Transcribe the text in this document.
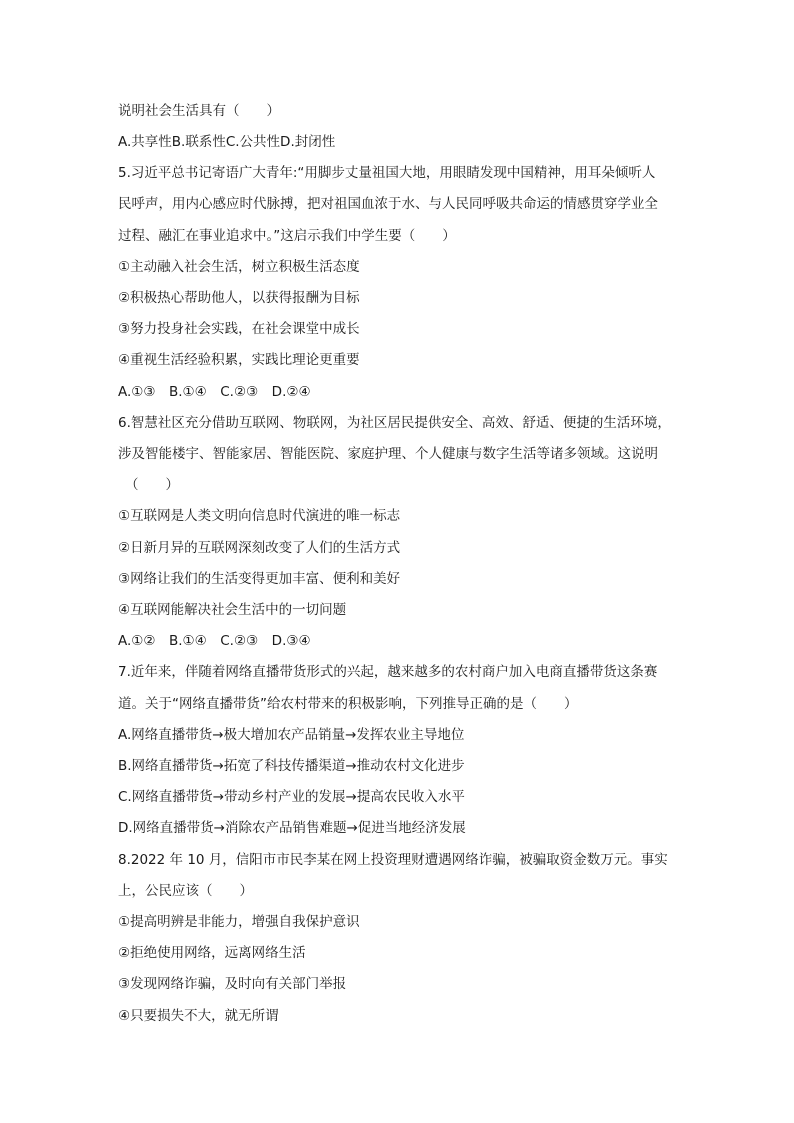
说明社会生活具有（　　）
A.共享性B.联系性C.公共性D.封闭性
5.习近平总书记寄语广大青年:“用脚步丈量祖国大地，用眼睛发现中国精神，用耳朵倾听人
民呼声，用内心感应时代脉搏，把对祖国血浓于水、与人民同呼吸共命运的情感贯穿学业全
过程、融汇在事业追求中。”这启示我们中学生要（　　）
①主动融入社会生活，树立积极生活态度
②积极热心帮助他人，以获得报酬为目标
③努力投身社会实践，在社会课堂中成长
④重视生活经验积累，实践比理论更重要
A.①③　B.①④　C.②③　D.②④
6.智慧社区充分借助互联网、物联网，为社区居民提供安全、高效、舒适、便捷的生活环境，
涉及智能楼宇、智能家居、智能医院、家庭护理、个人健康与数字生活等诸多领域。这说明
（　　）
①互联网是人类文明向信息时代演进的唯一标志
②日新月异的互联网深刻改变了人们的生活方式
③网络让我们的生活变得更加丰富、便利和美好
④互联网能解决社会生活中的一切问题
A.①②　B.①④　C.②③　D.③④
7.近年来，伴随着网络直播带货形式的兴起，越来越多的农村商户加入电商直播带货这条赛
道。关于“网络直播带货”给农村带来的积极影响，下列推导正确的是（　　）
A.网络直播带货→极大增加农产品销量→发挥农业主导地位
B.网络直播带货→拓宽了科技传播渠道→推动农村文化进步
C.网络直播带货→带动乡村产业的发展→提高农民收入水平
D.网络直播带货→消除农产品销售难题→促进当地经济发展
8.2022 年 10 月，信阳市市民李某在网上投资理财遭遇网络诈骗，被骗取资金数万元。事实
上，公民应该（　　）
①提高明辨是非能力，增强自我保护意识
②拒绝使用网络，远离网络生活
③发现网络诈骗，及时向有关部门举报
④只要损失不大，就无所谓
